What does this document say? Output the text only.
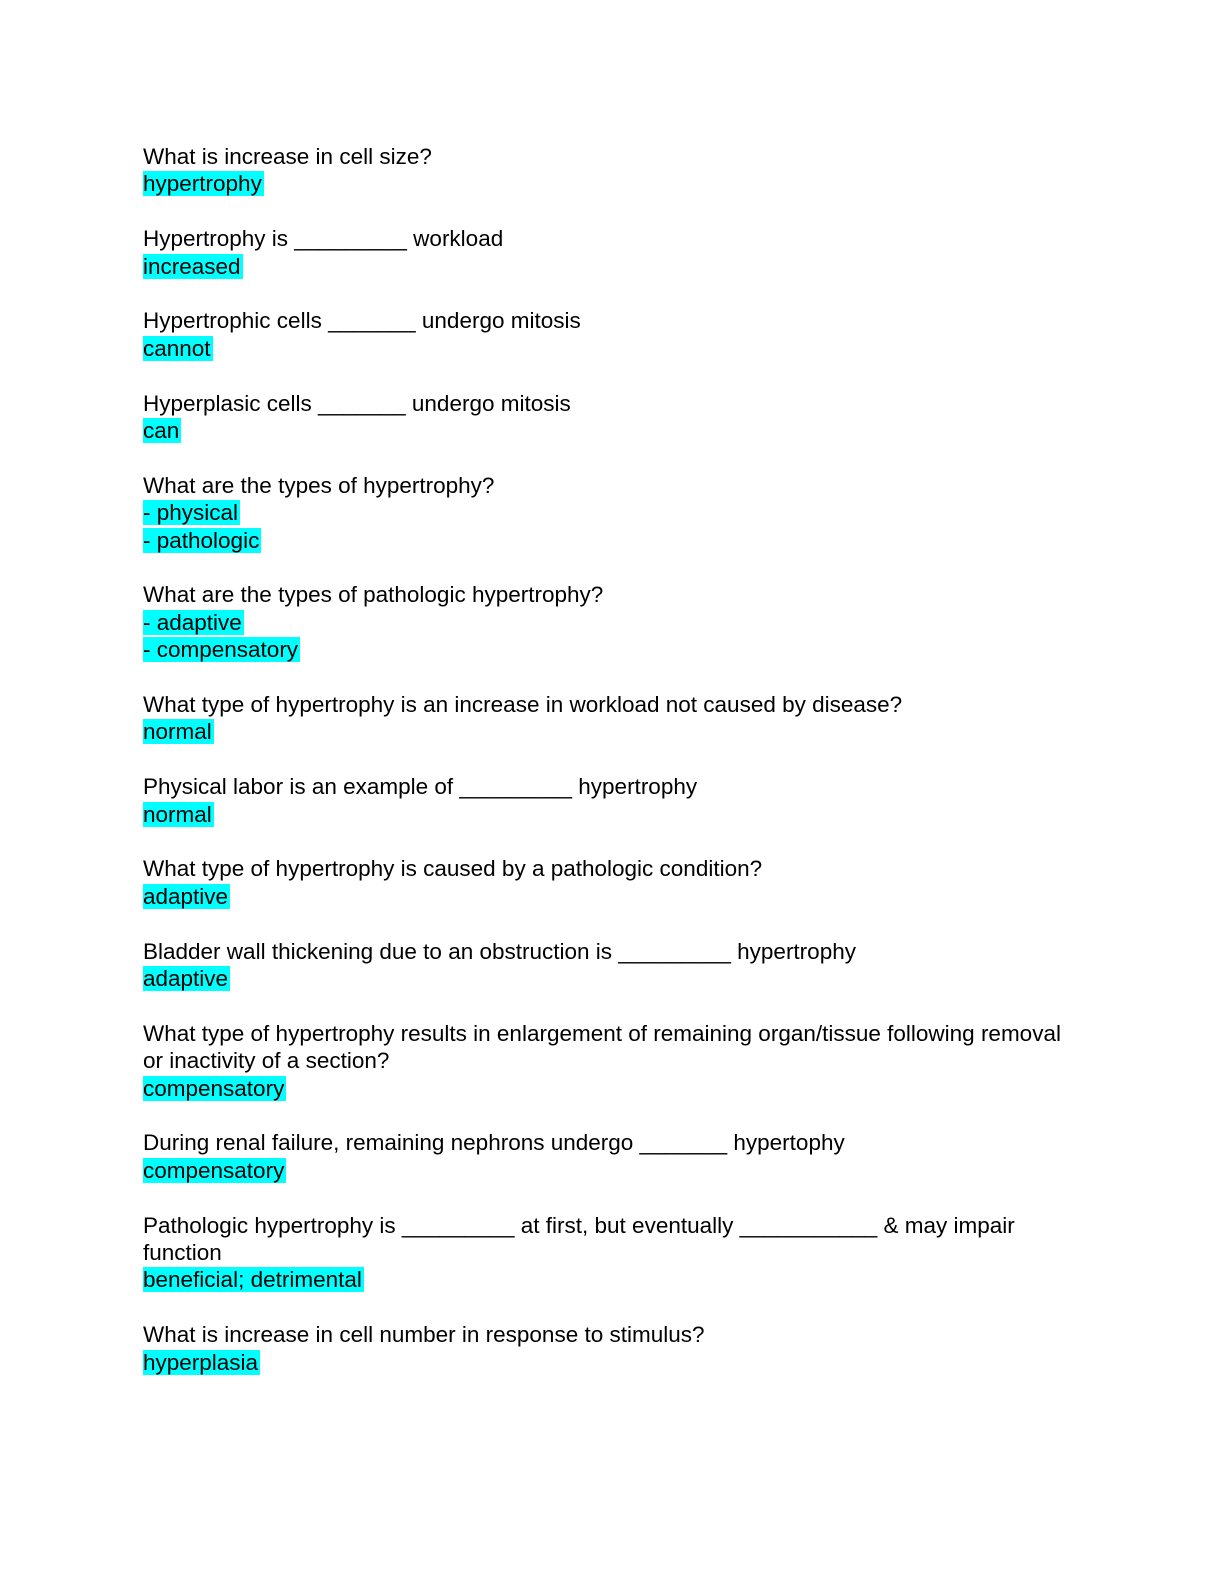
What is increase in cell size?
hypertrophy
Hypertrophy is _________ workload
increased
Hypertrophic cells _______ undergo mitosis
cannot
Hyperplasic cells _______ undergo mitosis
can
What are the types of hypertrophy?
- physical
- pathologic
What are the types of pathologic hypertrophy?
- adaptive
- compensatory
What type of hypertrophy is an increase in workload not caused by disease?
normal
Physical labor is an example of _________ hypertrophy
normal
What type of hypertrophy is caused by a pathologic condition?
adaptive
Bladder wall thickening due to an obstruction is _________ hypertrophy
adaptive
What type of hypertrophy results in enlargement of remaining organ/tissue following removal or inactivity of a section?
compensatory
During renal failure, remaining nephrons undergo _______ hypertophy
compensatory
Pathologic hypertrophy is _________ at first, but eventually ___________ & may impair function
beneficial; detrimental
What is increase in cell number in response to stimulus?
hyperplasia
